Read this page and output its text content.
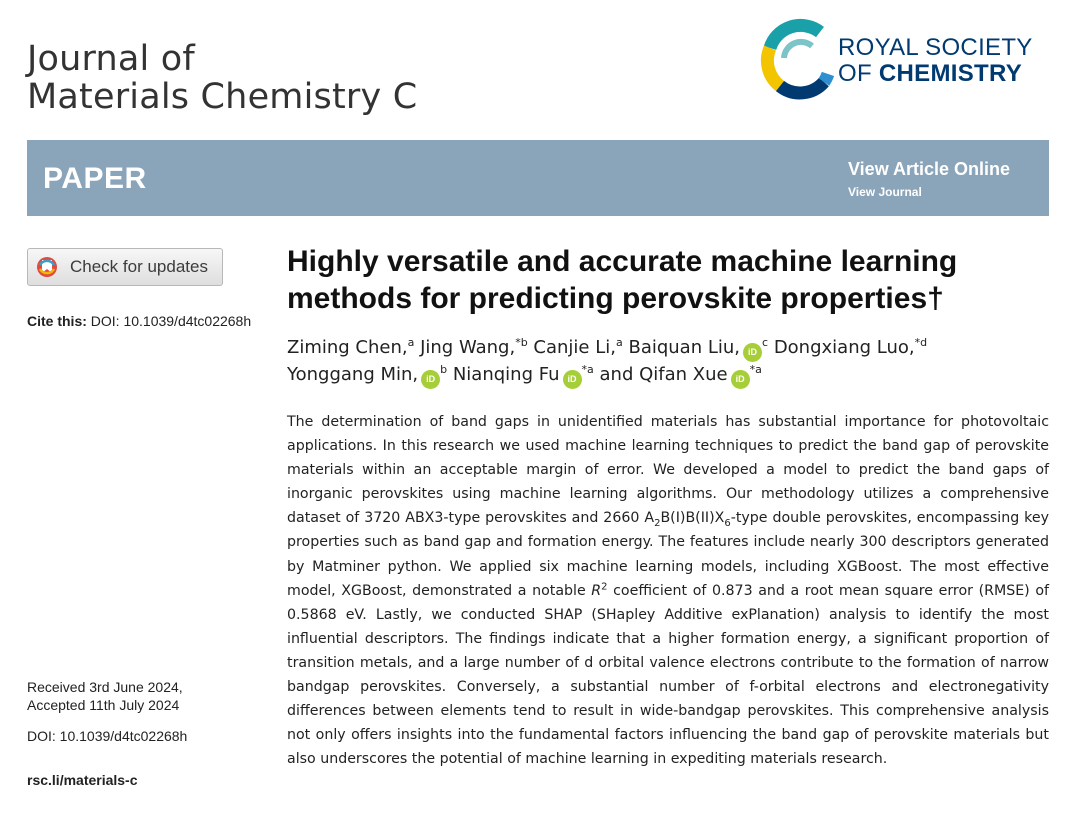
Journal of
Materials Chemistry C
ROYAL SOCIETY
OF CHEMISTRY
PAPER	View Article Online
View Journal
Check for updates
Cite this: DOI: 10.1039/d4tc02268h
Received 3rd June 2024,
Accepted 11th July 2024
DOI: 10.1039/d4tc02268h
rsc.li/materials-c
Highly versatile and accurate machine learning methods for predicting perovskite properties†
Ziming Chen,$^a$ Jing Wang,$^{*b}$ Canjie Li,$^a$ Baiquan Liu, $iD^c$ Dongxiang Luo,$^{*d}$
Yonggang Min, $iD^b$ Nianqing Fu $iD^{*a}$ and Qifan Xue $iD^{*a}$
The determination of band gaps in unidentified materials has substantial importance for photovoltaic applications. In this research we used machine learning techniques to predict the band gap of perovskite materials within an acceptable margin of error. We developed a model to predict the band gaps of inorganic perovskites using machine learning algorithms. Our methodology utilizes a comprehensive dataset of 3720 ABX3-type perovskites and 2660 $A_2B(I)B(II)X_6$-type double perovskites, encompassing key properties such as band gap and formation energy. The features include nearly 300 descriptors generated by Matminer python. We applied six machine learning models, including XGBoost. The most effective model, XGBoost, demonstrated a notable $R^2$ coefficient of 0.873 and a root mean square error (RMSE) of 0.5868 eV. Lastly, we conducted SHAP (SHapley Additive exPlanation) analysis to identify the most influential descriptors. The findings indicate that a higher formation energy, a significant proportion of transition metals, and a large number of d orbital valence electrons contribute to the formation of narrow bandgap perovskites. Conversely, a substantial number of f-orbital electrons and electronegativity differences between elements tend to result in wide-bandgap perovskites. This comprehensive analysis not only offers insights into the fundamental factors influencing the band gap of perovskite materials but also underscores the potential of machine learning in expediting materials research.
